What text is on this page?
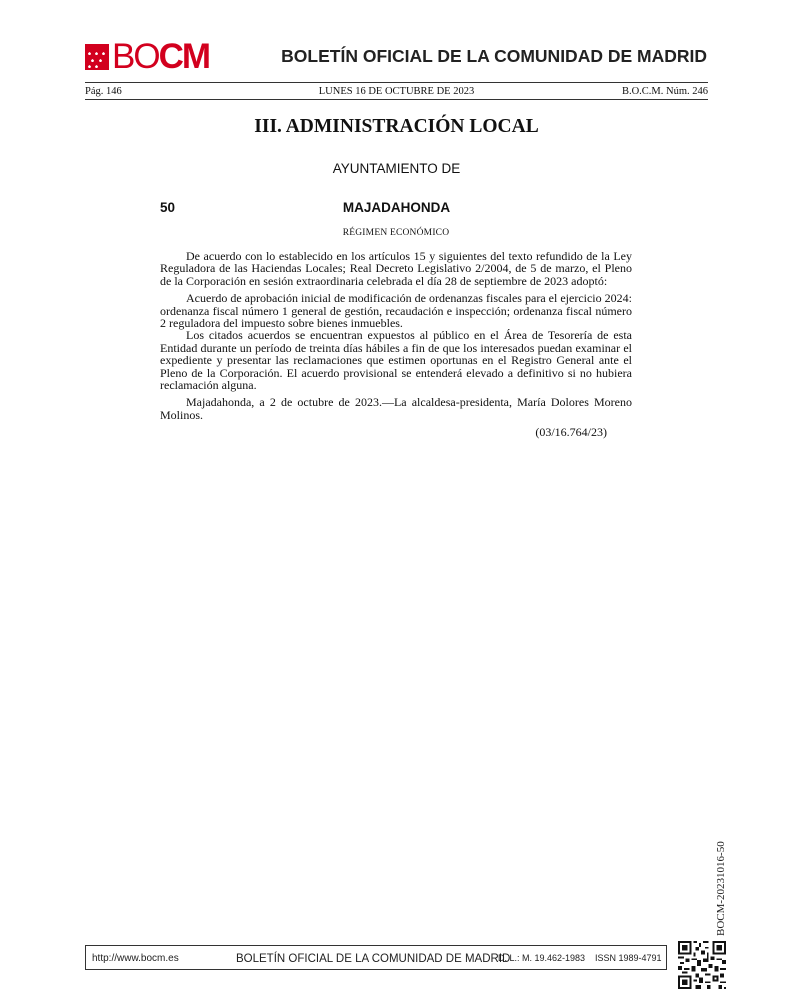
BOCM	BOLETÍN OFICIAL DE LA COMUNIDAD DE MADRID
Pág. 146	LUNES 16 DE OCTUBRE DE 2023	B.O.C.M. Núm. 246
III. ADMINISTRACIÓN LOCAL
AYUNTAMIENTO DE
50	MAJADAHONDA
RÉGIMEN ECONÓMICO

De acuerdo con lo establecido en los artículos 15 y siguientes del texto refundido de la Ley Reguladora de las Haciendas Locales; Real Decreto Legislativo 2/2004, de 5 de marzo, el Pleno de la Corporación en sesión extraordinaria celebrada el día 28 de septiembre de 2023 adoptó:

Acuerdo de aprobación inicial de modificación de ordenanzas fiscales para el ejercicio 2024: ordenanza fiscal número 1 general de gestión, recaudación e inspección; ordenanza fiscal número 2 reguladora del impuesto sobre bienes inmuebles.

Los citados acuerdos se encuentran expuestos al público en el Área de Tesorería de esta Entidad durante un período de treinta días hábiles a fin de que los interesados puedan examinar el expediente y presentar las reclamaciones que estimen oportunas en el Registro General ante el Pleno de la Corporación. El acuerdo provisional se entenderá elevado a definitivo si no hubiera reclamación alguna.

Majadahonda, a 2 de octubre de 2023.—La alcaldesa-presidenta, María Dolores Moreno Molinos.

(03/16.764/23)

BOCM-20231016-50
http://www.bocm.es	BOLETÍN OFICIAL DE LA COMUNIDAD DE MADRID
D. L.: M. 19.462-1983 ISSN 1989-4791
